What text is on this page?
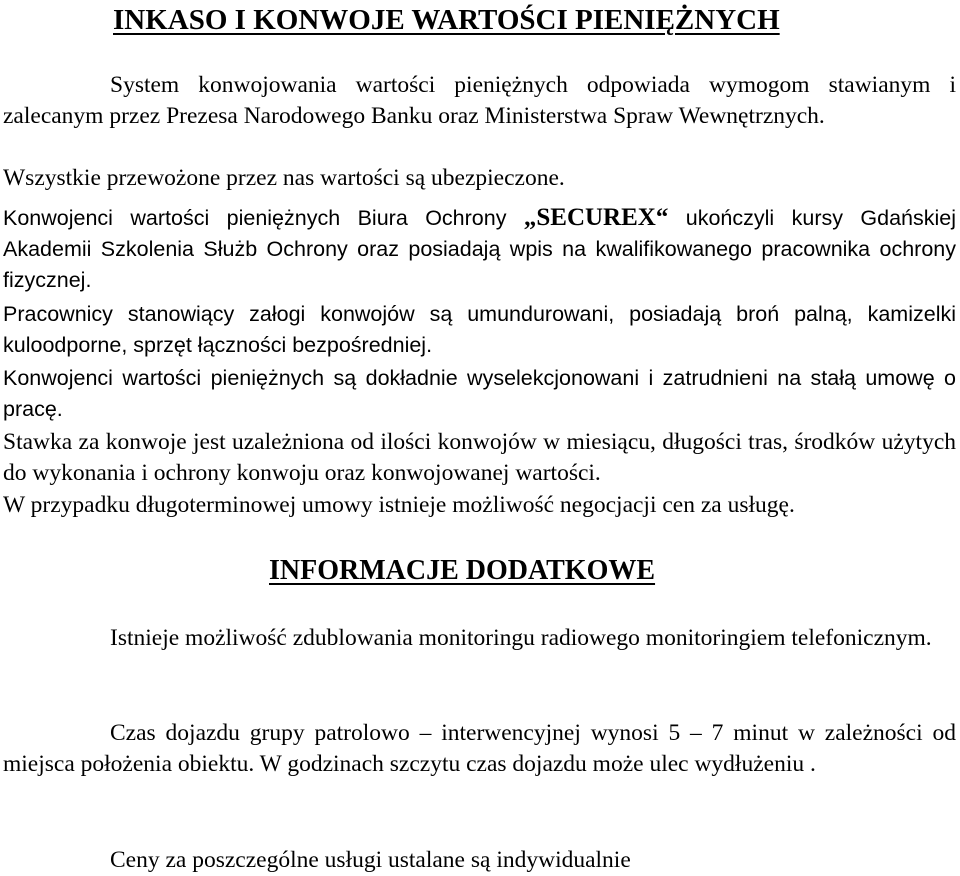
INKASO I KONWOJE WARTOŚCI PIENIĘŻNYCH

System konwojowania wartości pieniężnych odpowiada wymogom stawianym i zalecanym przez Prezesa Narodowego Banku oraz Ministerstwa Spraw Wewnętrznych.

Wszystkie przewożone przez nas wartości są ubezpieczone.

Konwojenci wartości pieniężnych Biura Ochrony „SECUREX“ ukończyli kursy Gdańskiej Akademii Szkolenia Służb Ochrony oraz posiadają wpis na kwalifikowanego pracownika ochrony fizycznej.

Pracownicy stanowiący załogi konwojów są umundurowani, posiadają broń palną, kamizelki kuloodporne, sprzęt łączności bezpośredniej.

Konwojenci wartości pieniężnych są dokładnie wyselekcjonowani i zatrudnieni na stałą umowę o pracę.

Stawka za konwoje jest uzależniona od ilości konwojów w miesiącu, długości tras, środków użytych do wykonania i ochrony konwoju oraz konwojowanej wartości.

W przypadku długoterminowej umowy istnieje możliwość negocjacji cen za usługę.

INFORMACJE DODATKOWE

Istnieje możliwość zdublowania monitoringu radiowego monitoringiem telefonicznym.

Czas dojazdu grupy patrolowo – interwencyjnej wynosi 5 – 7 minut w zależności od miejsca położenia obiektu. W godzinach szczytu czas dojazdu może ulec wydłużeniu .

Ceny za poszczególne usługi ustalane są indywidualnie
